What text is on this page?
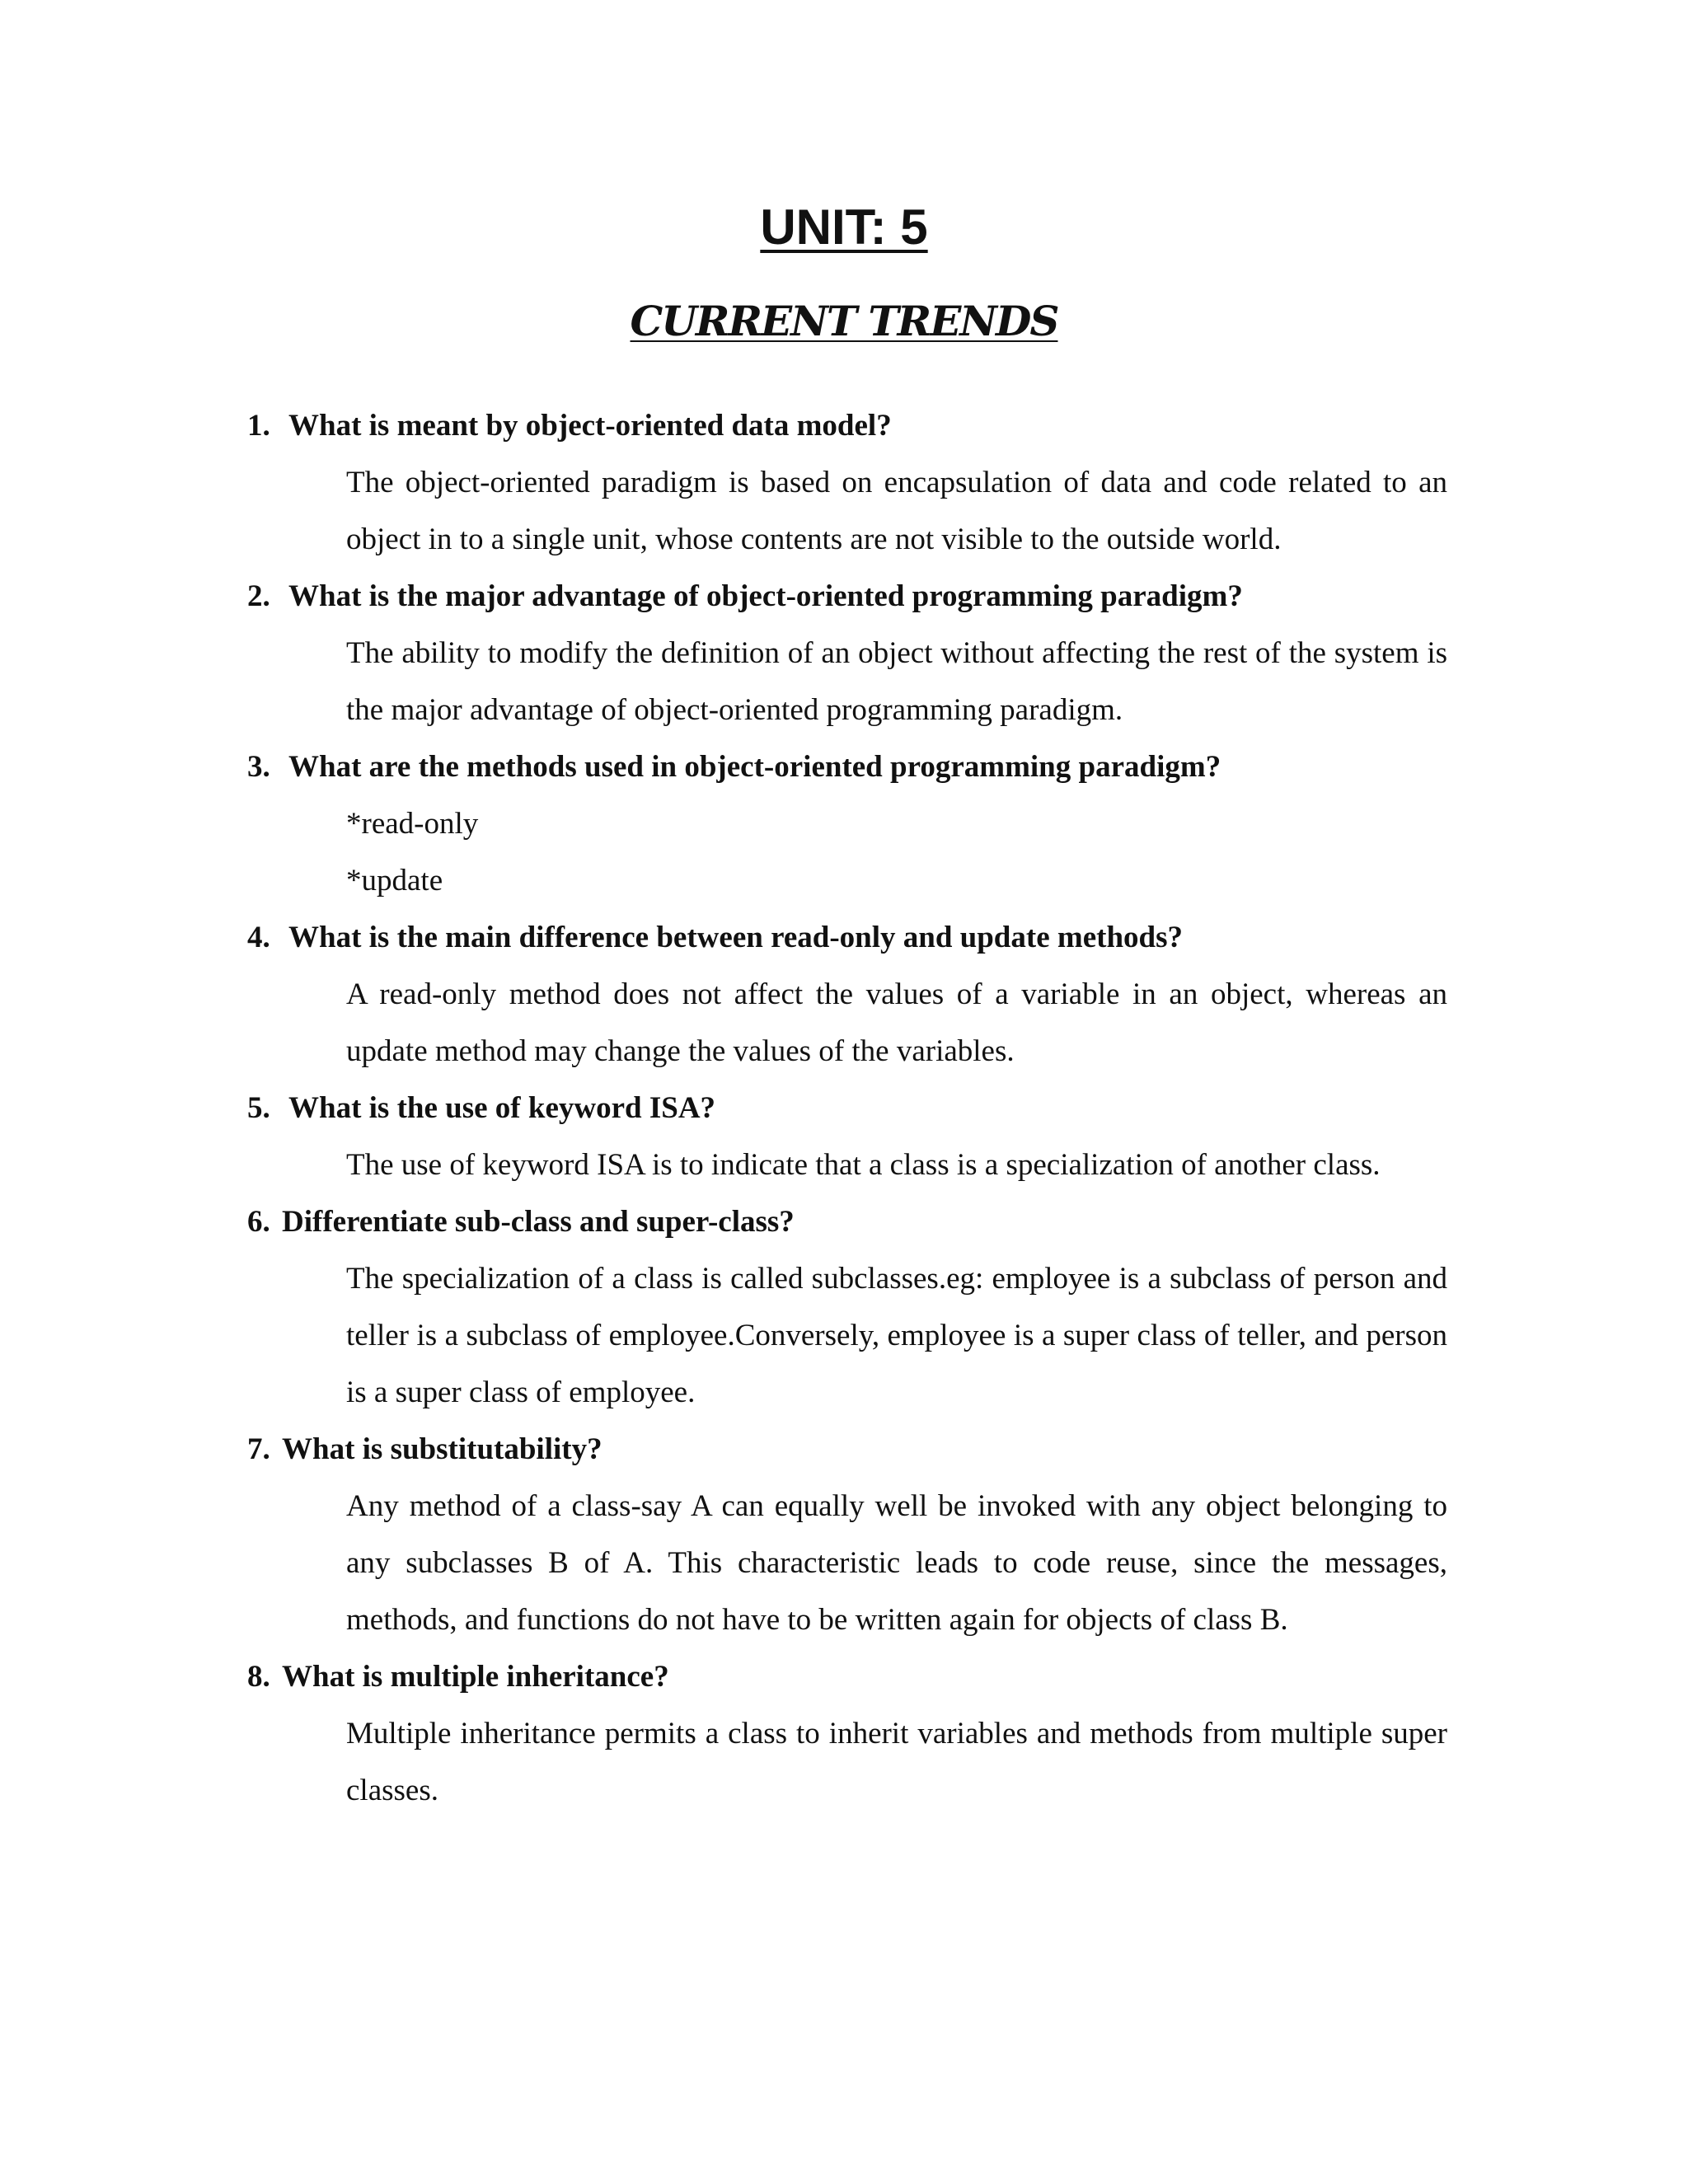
UNIT: 5
CURRENT TRENDS
1. What is meant by object-oriented data model?
The object-oriented paradigm is based on encapsulation of data and code related to an object in to a single unit, whose contents are not visible to the outside world.
2. What is the major advantage of object-oriented programming paradigm?
The ability to modify the definition of an object without affecting the rest of the system is the major advantage of object-oriented programming paradigm.
3. What are the methods used in object-oriented programming paradigm?
*read-only
*update
4. What is the main difference between read-only and update methods?
A read-only method does not affect the values of a variable in an object, whereas an update method may change the values of the variables.
5. What is the use of keyword ISA?
The use of keyword ISA is to indicate that a class is a specialization of another class.
6. Differentiate sub-class and super-class?
The specialization of a class is called subclasses.eg: employee is a subclass of person and teller is a subclass of employee.Conversely, employee is a super class of teller, and person is a super class of employee.
7. What is substitutability?
Any method of a class-say A can equally well be invoked with any object belonging to any subclasses B of A. This characteristic leads to code reuse, since the messages, methods, and functions do not have to be written again for objects of class B.
8. What is multiple inheritance?
Multiple inheritance permits a class to inherit variables and methods from multiple super classes.
